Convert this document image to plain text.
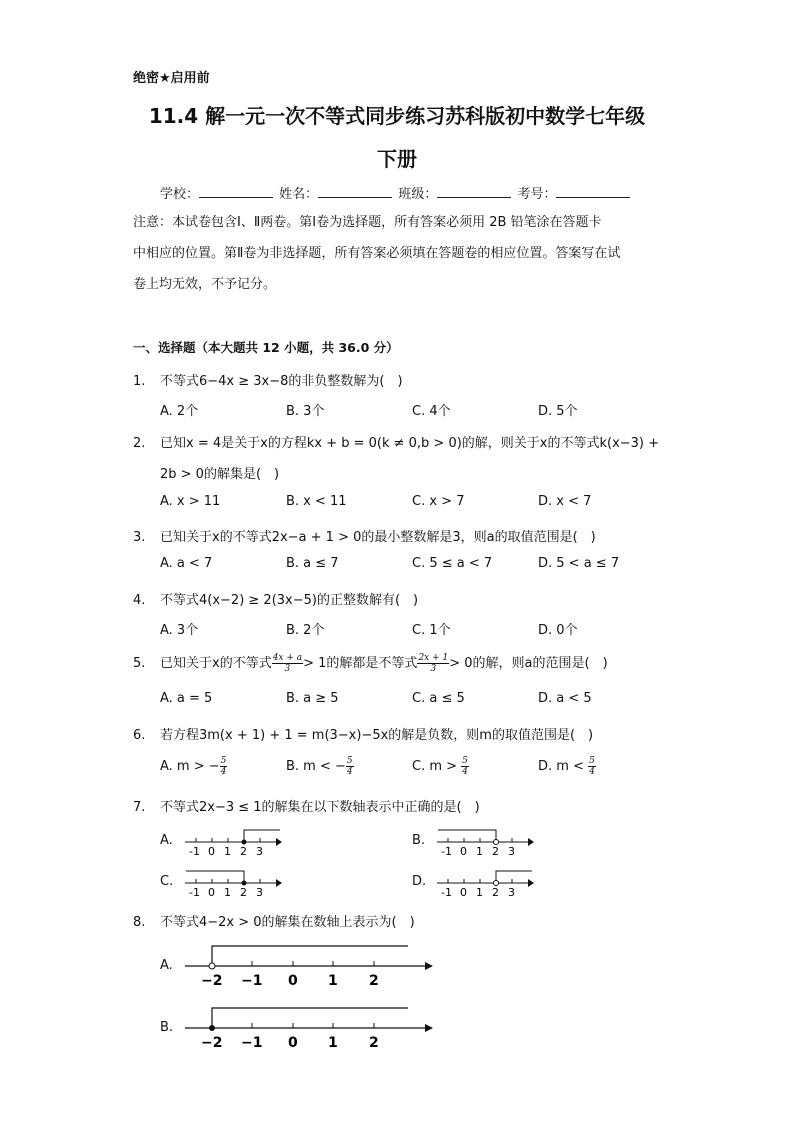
绝密★启用前
11.4 解一元一次不等式同步练习苏科版初中数学七年级
下册
学校：	姓名：	班级：	考号：

注意：本试卷包含Ⅰ、Ⅱ两卷。第Ⅰ卷为选择题，所有答案必须用 2B 铅笔涂在答题卡

中相应的位置。第Ⅱ卷为非选择题，所有答案必须填在答题卷的相应位置。答案写在试

卷上均无效，不予记分。

一、选择题（本大题共 12 小题，共 36.0 分）
1. 不等式6−4x ≥ 3x−8的非负整数解为(　)
A. 2个	B. 3个	C. 4个	D. 5个
2. 已知x = 4是关于x的方程kx + b = 0(k ≠ 0,b > 0)的解，则关于x的不等式k(x−3) +
2b > 0的解集是(　)
A. x > 11	B. x < 11	C. x > 7	D. x < 7
3. 已知关于x的不等式2x−a + 1 > 0的最小整数解是3，则a的取值范围是(　)
A. a < 7	B. a ≤ 7	C. 5 ≤ a < 7	D. 5 < a ≤ 7
4. 不等式4(x−2) ≥ 2(3x−5)的正整数解有(　)
A. 3个	B. 2个	C. 1个	D. 0个
5. 已知关于x的不等式 $\frac{4x + a}{3} > 1$的解都是不等式 $\frac{2x + 1}{3} > 0$的解，则a的范围是(　)
A. a = 5	B. a ≥ 5	C. a ≤ 5	D. a < 5
6. 若方程3m(x + 1) + 1 = m(3−x)−5x的解是负数，则m的取值范围是(　)
A. m > − $\frac{5}{4}$	B. m < − $\frac{5}{4}$	C. $m > \frac{5}{4}$	D. $m < \frac{5}{4}$
7. 不等式2x−3 ≤ 1的解集在以下数轴表示中正确的是(　)
A.	B.
C.	D.
-1 0 1 2 3	-1 0 1 2 3
-1 0 1 2 3	-1 0 1 2 3
8. 不等式4−2x > 0的解集在数轴上表示为(　)
A.
B.
−2 −1 0 1 2
−2 −1 0 1 2
